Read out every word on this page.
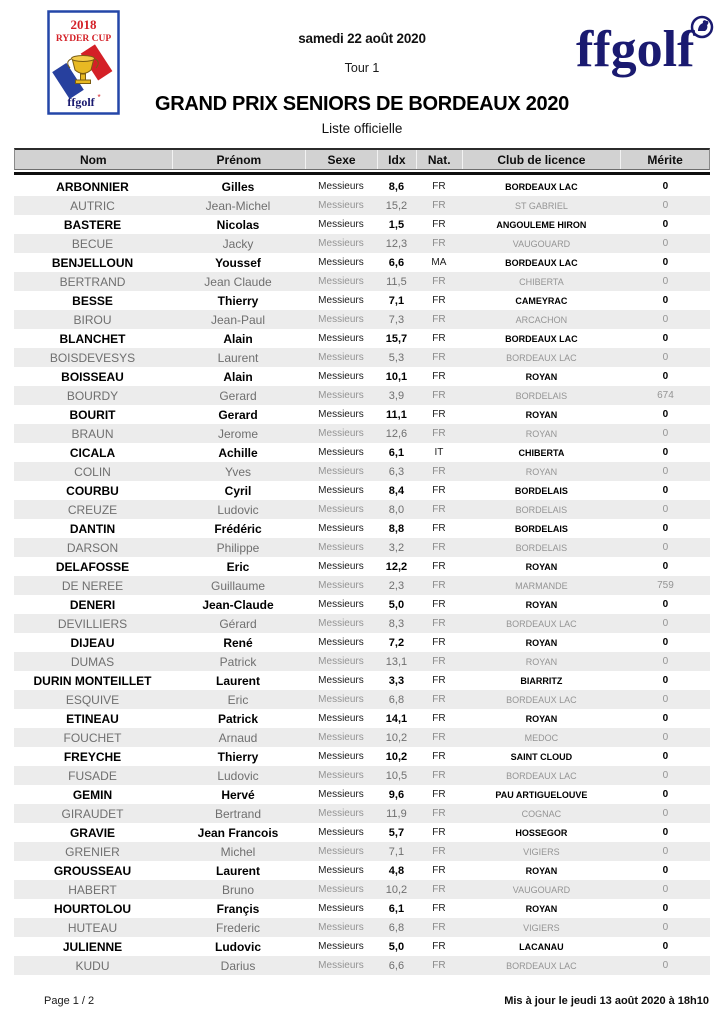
2018
RYDER CUP
ffgolf *
ffgolf
samedi 22 août 2020
Tour 1
GRAND PRIX SENIORS DE BORDEAUX 2020
Liste officielle
Nom	Prénom	Sexe	Idx	Nat.	Club de licence	Mérite
ARBONNIER	Gilles	Messieurs	8,6	FR	BORDEAUX LAC	0
AUTRIC	Jean-Michel	Messieurs	15,2	FR	ST GABRIEL	0
BASTERE	Nicolas	Messieurs	1,5	FR	ANGOULEME HIRON	0
BECUE	Jacky	Messieurs	12,3	FR	VAUGOUARD	0
BENJELLOUN	Youssef	Messieurs	6,6	MA	BORDEAUX LAC	0
BERTRAND	Jean Claude	Messieurs	11,5	FR	CHIBERTA	0
BESSE	Thierry	Messieurs	7,1	FR	CAMEYRAC	0
BIROU	Jean-Paul	Messieurs	7,3	FR	ARCACHON	0
BLANCHET	Alain	Messieurs	15,7	FR	BORDEAUX LAC	0
BOISDEVESYS	Laurent	Messieurs	5,3	FR	BORDEAUX LAC	0
BOISSEAU	Alain	Messieurs	10,1	FR	ROYAN	0
BOURDY	Gerard	Messieurs	3,9	FR	BORDELAIS	674
BOURIT	Gerard	Messieurs	11,1	FR	ROYAN	0
BRAUN	Jerome	Messieurs	12,6	FR	ROYAN	0
CICALA	Achille	Messieurs	6,1	IT	CHIBERTA	0
COLIN	Yves	Messieurs	6,3	FR	ROYAN	0
COURBU	Cyril	Messieurs	8,4	FR	BORDELAIS	0
CREUZE	Ludovic	Messieurs	8,0	FR	BORDELAIS	0
DANTIN	Frédéric	Messieurs	8,8	FR	BORDELAIS	0
DARSON	Philippe	Messieurs	3,2	FR	BORDELAIS	0
DELAFOSSE	Eric	Messieurs	12,2	FR	ROYAN	0
DE NEREE	Guillaume	Messieurs	2,3	FR	MARMANDE	759
DENERI	Jean-Claude	Messieurs	5,0	FR	ROYAN	0
DEVILLIERS	Gérard	Messieurs	8,3	FR	BORDEAUX LAC	0
DIJEAU	René	Messieurs	7,2	FR	ROYAN	0
DUMAS	Patrick	Messieurs	13,1	FR	ROYAN	0
DURIN MONTEILLET	Laurent	Messieurs	3,3	FR	BIARRITZ	0
ESQUIVE	Eric	Messieurs	6,8	FR	BORDEAUX LAC	0
ETINEAU	Patrick	Messieurs	14,1	FR	ROYAN	0
FOUCHET	Arnaud	Messieurs	10,2	FR	MEDOC	0
FREYCHE	Thierry	Messieurs	10,2	FR	SAINT CLOUD	0
FUSADE	Ludovic	Messieurs	10,5	FR	BORDEAUX LAC	0
GEMIN	Hervé	Messieurs	9,6	FR	PAU ARTIGUELOUVE	0
GIRAUDET	Bertrand	Messieurs	11,9	FR	COGNAC	0
GRAVIE	Jean Francois	Messieurs	5,7	FR	HOSSEGOR	0
GRENIER	Michel	Messieurs	7,1	FR	VIGIERS	0
GROUSSEAU	Laurent	Messieurs	4,8	FR	ROYAN	0
HABERT	Bruno	Messieurs	10,2	FR	VAUGOUARD	0
HOURTOLOU	Françis	Messieurs	6,1	FR	ROYAN	0
HUTEAU	Frederic	Messieurs	6,8	FR	VIGIERS	0
JULIENNE	Ludovic	Messieurs	5,0	FR	LACANAU	0
KUDU	Darius	Messieurs	6,6	FR	BORDEAUX LAC	0
Page 1 / 2	Mis à jour le jeudi 13 août 2020 à 18h10
